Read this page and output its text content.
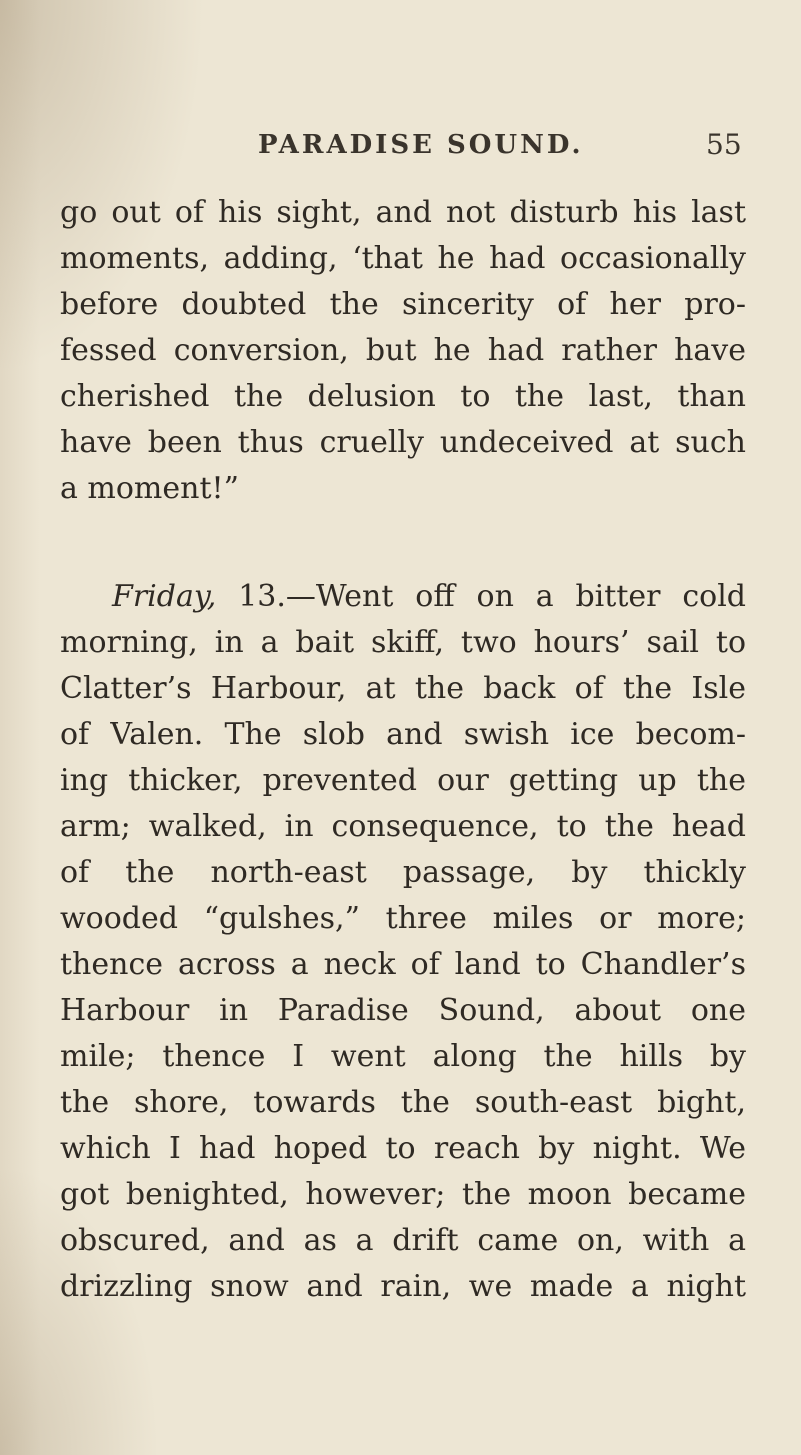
PARADISE SOUND.	55
go out of his sight, and not disturb his last
moments, adding, ‘that he had occasionally
before doubted the sincerity of her pro-
fessed conversion, but he had rather have
cherished the delusion to the last, than
have been thus cruelly undeceived at such
a moment!”
Friday, 13.—Went off on a bitter cold
morning, in a bait skiff, two hours’ sail to
Clatter’s Harbour, at the back of the Isle
of Valen. The slob and swish ice becom-
ing thicker, prevented our getting up the
arm; walked, in consequence, to the head
of the north-east passage, by thickly
wooded “gulshes,” three miles or more;
thence across a neck of land to Chandler’s
Harbour in Paradise Sound, about one
mile; thence I went along the hills by
the shore, towards the south-east bight,
which I had hoped to reach by night. We
got benighted, however; the moon became
obscured, and as a drift came on, with a
drizzling snow and rain, we made a night
